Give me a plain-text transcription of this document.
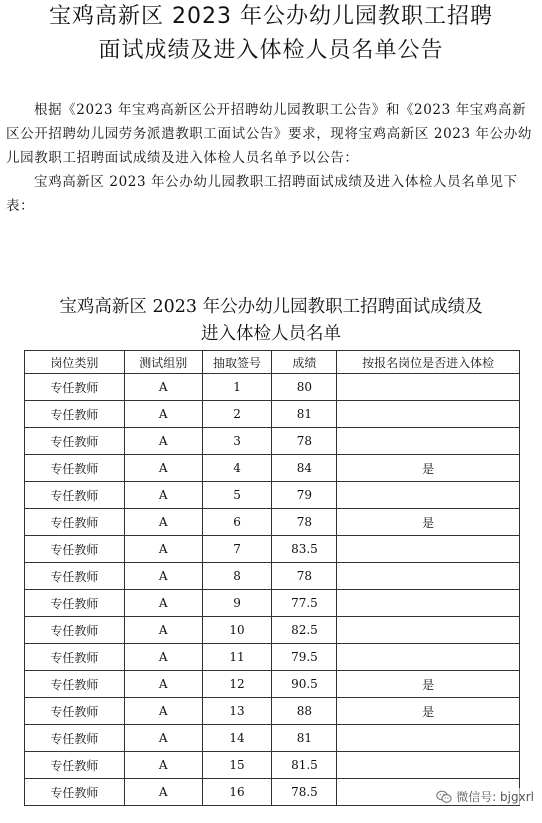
宝鸡高新区 2023 年公办幼儿园教职工招聘
面试成绩及进入体检人员名单公告

根据《2023 年宝鸡高新区公开招聘幼儿园教职工公告》和《2023 年宝鸡高新区公开招聘幼儿园劳务派遣教职工面试公告》要求，现将宝鸡高新区 2023 年公办幼儿园教职工招聘面试成绩及进入体检人员名单予以公告：

宝鸡高新区 2023 年公办幼儿园教职工招聘面试成绩及进入体检人员名单见下表：

宝鸡高新区 2023 年公办幼儿园教职工招聘面试成绩及
进入体检人员名单
岗位类别	测试组别	抽取签号	成绩	按报名岗位是否进入体检
专任教师	A	1	80	
专任教师	A	2	81	
专任教师	A	3	78	
专任教师	A	4	84	是
专任教师	A	5	79	
专任教师	A	6	78	是
专任教师	A	7	83.5	
专任教师	A	8	78	
专任教师	A	9	77.5	
专任教师	A	10	82.5	
专任教师	A	11	79.5	
专任教师	A	12	90.5	是
专任教师	A	13	88	是
专任教师	A	14	81	
专任教师	A	15	81.5	
专任教师	A	16	78.5		微信号: bjgxrl
